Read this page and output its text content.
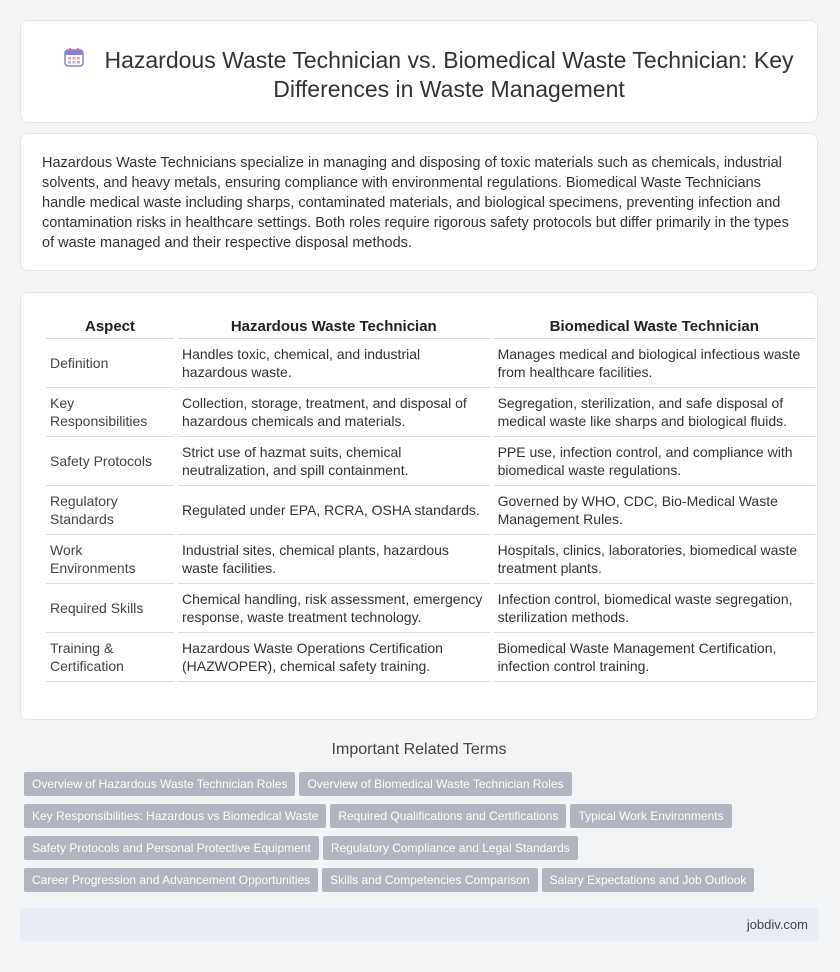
Hazardous Waste Technician vs. Biomedical Waste Technician: Key Differences in Waste Management

Hazardous Waste Technicians specialize in managing and disposing of toxic materials such as chemicals, industrial solvents, and heavy metals, ensuring compliance with environmental regulations. Biomedical Waste Technicians handle medical waste including sharps, contaminated materials, and biological specimens, preventing infection and contamination risks in healthcare settings. Both roles require rigorous safety protocols but differ primarily in the types of waste managed and their respective disposal methods.

Aspect	Hazardous Waste Technician	Biomedical Waste Technician
Definition	Handles toxic, chemical, and industrial hazardous waste.	Manages medical and biological infectious waste from healthcare facilities.
Key Responsibilities	Collection, storage, treatment, and disposal of hazardous chemicals and materials.	Segregation, sterilization, and safe disposal of medical waste like sharps and biological fluids.
Safety Protocols	Strict use of hazmat suits, chemical neutralization, and spill containment.	PPE use, infection control, and compliance with biomedical waste regulations.
Regulatory Standards	Regulated under EPA, RCRA, OSHA standards.	Governed by WHO, CDC, Bio-Medical Waste Management Rules.
Work Environments	Industrial sites, chemical plants, hazardous waste facilities.	Hospitals, clinics, laboratories, biomedical waste treatment plants.
Required Skills	Chemical handling, risk assessment, emergency response, waste treatment technology.	Infection control, biomedical waste segregation, sterilization methods.
Training & Certification	Hazardous Waste Operations Certification (HAZWOPER), chemical safety training.	Biomedical Waste Management Certification, infection control training.
Important Related Terms
Overview of Hazardous Waste Technician Roles Overview of Biomedical Waste Technician Roles
Key Responsibilities: Hazardous vs Biomedical Waste Required Qualifications and Certifications Typical Work Environments
Safety Protocols and Personal Protective Equipment Regulatory Compliance and Legal Standards
Career Progression and Advancement Opportunities Skills and Competencies Comparison Salary Expectations and Job Outlook
jobdiv.com
